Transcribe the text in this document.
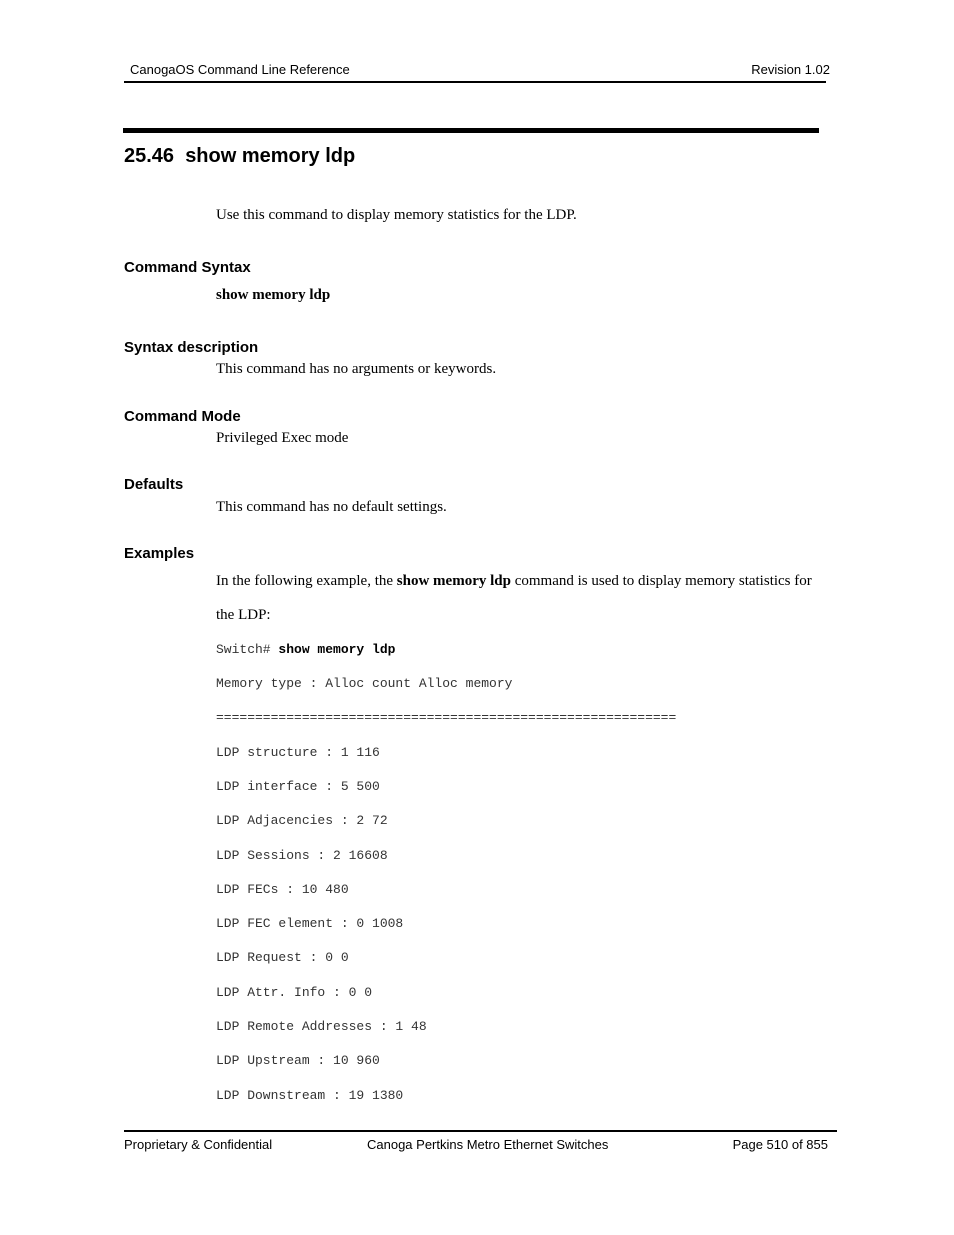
CanogaOS Command Line Reference	Revision 1.02
25.46 show memory ldp
Use this command to display memory statistics for the LDP.
Command Syntax
show memory ldp
Syntax description
This command has no arguments or keywords.
Command Mode
Privileged Exec mode
Defaults
This command has no default settings.
Examples
In the following example, the show memory ldp command is used to display memory statistics for
the LDP:
Switch# show memory ldp
Memory type : Alloc count Alloc memory
===========================================================
LDP structure : 1 116
LDP interface : 5 500
LDP Adjacencies : 2 72
LDP Sessions : 2 16608
LDP FECs : 10 480
LDP FEC element : 0 1008
LDP Request : 0 0
LDP Attr. Info : 0 0
LDP Remote Addresses : 1 48
LDP Upstream : 10 960
LDP Downstream : 19 1380
Proprietary & Confidential	Canoga Pertkins Metro Ethernet Switches	Page 510 of 855
